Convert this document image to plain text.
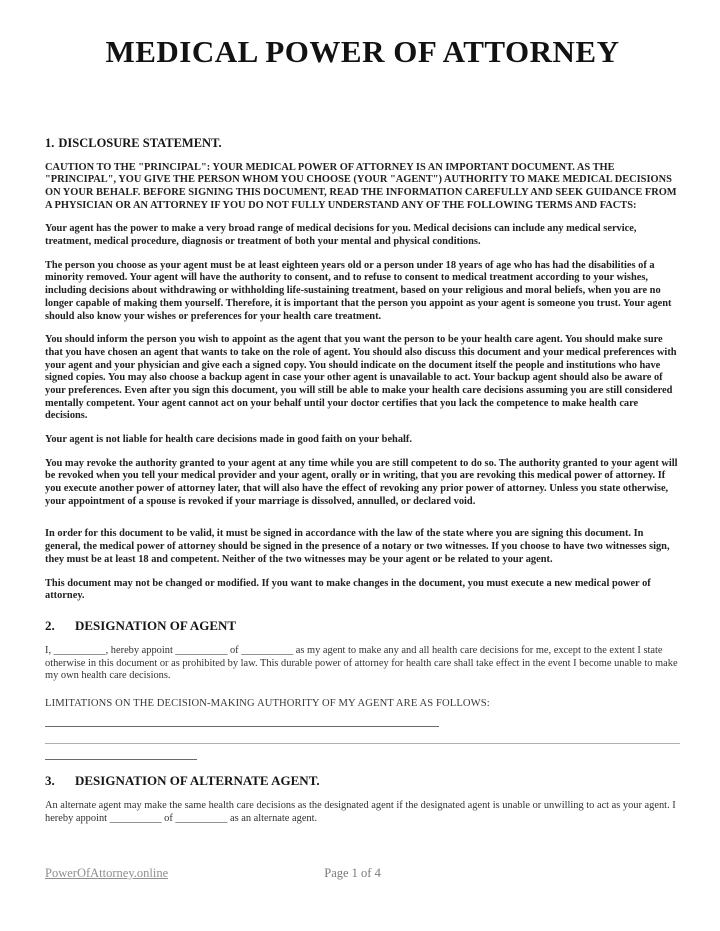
MEDICAL POWER OF ATTORNEY
1. DISCLOSURE STATEMENT.

CAUTION TO THE "PRINCIPAL": YOUR MEDICAL POWER OF ATTORNEY IS AN IMPORTANT DOCUMENT. AS THE "PRINCIPAL", YOU GIVE THE PERSON WHOM YOU CHOOSE (YOUR "AGENT") AUTHORITY TO MAKE MEDICAL DECISIONS ON YOUR BEHALF. BEFORE SIGNING THIS DOCUMENT, READ THE INFORMATION CAREFULLY AND SEEK GUIDANCE FROM A PHYSICIAN OR AN ATTORNEY IF YOU DO NOT FULLY UNDERSTAND ANY OF THE FOLLOWING TERMS AND FACTS:

Your agent has the power to make a very broad range of medical decisions for you. Medical decisions can include any medical service, treatment, medical procedure, diagnosis or treatment of both your mental and physical conditions.

The person you choose as your agent must be at least eighteen years old or a person under 18 years of age who has had the disabilities of a minority removed. Your agent will have the authority to consent, and to refuse to consent to medical treatment according to your wishes, including decisions about withdrawing or withholding life-sustaining treatment, based on your religious and moral beliefs, when you are no longer capable of making them yourself. Therefore, it is important that the person you appoint as your agent is someone you trust. Your agent should also know your wishes or preferences for your health care treatment.

You should inform the person you wish to appoint as the agent that you want the person to be your health care agent. You should make sure that you have chosen an agent that wants to take on the role of agent. You should also discuss this document and your medical preferences with your agent and your physician and give each a signed copy. You should indicate on the document itself the people and institutions who have signed copies. You may also choose a backup agent in case your other agent is unavailable to act. Your backup agent should also be aware of your preferences. Even after you sign this document, you will still be able to make your health care decisions assuming you are still considered mentally competent. Your agent cannot act on your behalf until your doctor certifies that you lack the competence to make health care decisions.

Your agent is not liable for health care decisions made in good faith on your behalf.

You may revoke the authority granted to your agent at any time while you are still competent to do so. The authority granted to your agent will be revoked when you tell your medical provider and your agent, orally or in writing, that you are revoking this medical power of attorney. If you execute another power of attorney later, that will also have the effect of revoking any prior power of attorney. Unless you state otherwise, your appointment of a spouse is revoked if your marriage is dissolved, annulled, or declared void.

In order for this document to be valid, it must be signed in accordance with the law of the state where you are signing this document. In general, the medical power of attorney should be signed in the presence of a notary or two witnesses. If you choose to have two witnesses sign, they must be at least 18 and competent. Neither of the two witnesses may be your agent or be related to your agent.

This document may not be changed or modified. If you want to make changes in the document, you must execute a new medical power of attorney.

2. DESIGNATION OF AGENT

I, __________, hereby appoint __________ of __________ as my agent to make any and all health care decisions for me, except to the extent I state otherwise in this document or as prohibited by law. This durable power of attorney for health care shall take effect in the event I become unable to make my own health care decisions.

LIMITATIONS ON THE DECISION-MAKING AUTHORITY OF MY AGENT ARE AS FOLLOWS:
3. DESIGNATION OF ALTERNATE AGENT.

An alternate agent may make the same health care decisions as the designated agent if the designated agent is unable or unwilling to act as your agent. I hereby appoint __________ of __________ as an alternate agent.

PowerOfAttorney.online	Page 1 of 4
